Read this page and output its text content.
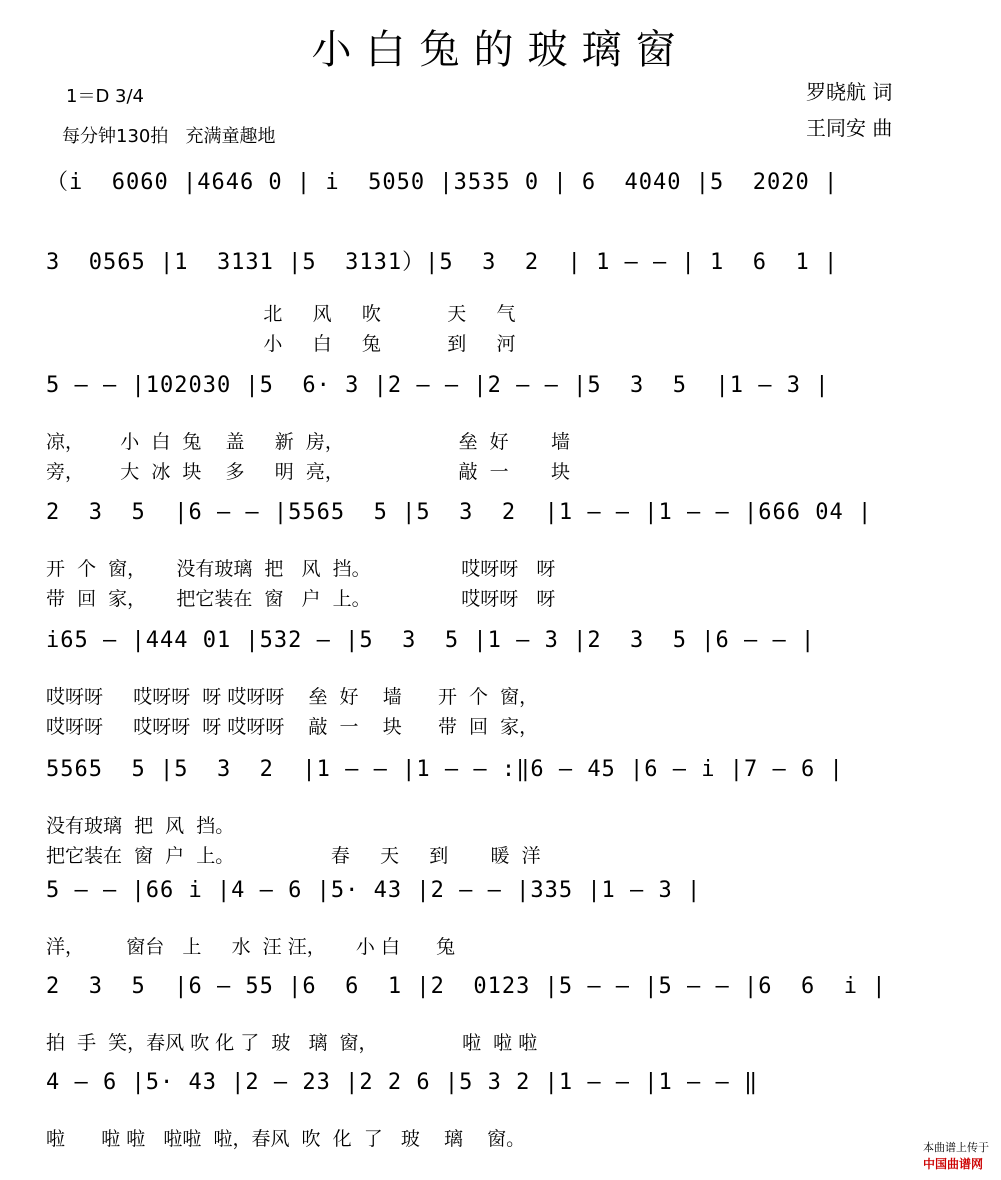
小白兔的玻璃窗
1＝D 3/4
每分钟130拍   充满童趣地
罗晓航 词
王同安 曲
（i  6060 |4646 0 | i  5050 |3535 0 | 6  4040 |5  2020 |
3  0565 |1  3131 |5  3131）|5  3  2  | 1 — — | 1  6  1 |
北     风     吹           天     气
小     白     兔           到     河
5 — — |102030 |5  6· 3 |2 — — |2 — — |5  3  5  |1 — 3 |
凉，      小  白  兔    盖     新  房，                   垒  好       墙
旁，      大  冰  块    多     明  亮，                   敲  一       块
2  3  5  |6 — — |5565  5 |5  3  2  |1 — — |1 — — |666 04 |
开  个  窗，     没有玻璃  把   风  挡。               哎呀呀   呀
带  回  家，     把它装在  窗   户  上。               哎呀呀   呀
i65 — |444 01 |532 — |5  3  5 |1 — 3 |2  3  5 |6 — — |
哎呀呀     哎呀呀  呀 哎呀呀    垒  好    墙      开  个  窗，
哎呀呀     哎呀呀  呀 哎呀呀    敲  一    块      带  回  家，
5565  5 |5  3  2  |1 — — |1 — — :‖6 — 45 |6 — i |7 — 6 |
没有玻璃  把  风  挡。
把它装在  窗  户  上。                春     天     到       暖  洋
5 — — |66 i |4 — 6 |5· 43 |2 — — |335 |1 — 3 |
洋，       窗台   上     水  汪 汪，     小 白      兔
2  3  5  |6 — 55 |6  6  1 |2  0123 |5 — — |5 — — |6  6  i |
拍  手  笑，春风 吹 化 了  玻   璃  窗，              啦  啦 啦
4 — 6 |5· 43 |2 — 23 |2 2 6 |5 3 2 |1 — — |1 — — ‖
啦      啦 啦   啦啦  啦，春风  吹  化  了   玻    璃    窗。	本曲谱上传于
中国曲谱网
